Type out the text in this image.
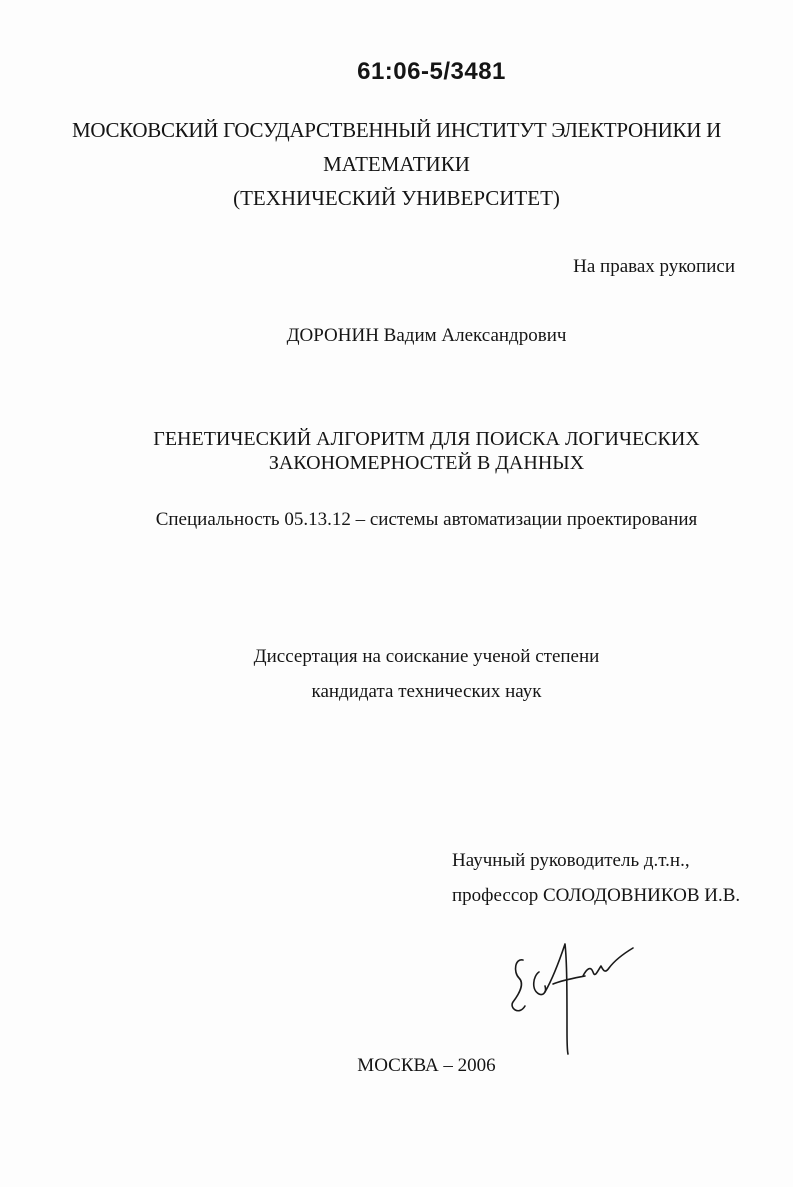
61:06-5/3481
МОСКОВСКИЙ ГОСУДАРСТВЕННЫЙ ИНСТИТУТ ЭЛЕКТРОНИКИ И
МАТЕМАТИКИ
(ТЕХНИЧЕСКИЙ УНИВЕРСИТЕТ)
На правах рукописи
ДОРОНИН Вадим Александрович
ГЕНЕТИЧЕСКИЙ АЛГОРИТМ ДЛЯ ПОИСКА ЛОГИЧЕСКИХ
ЗАКОНОМЕРНОСТЕЙ В ДАННЫХ
Специальность 05.13.12 – системы автоматизации проектирования
Диссертация на соискание ученой степени
кандидата технических наук
Научный руководитель д.т.н.,
профессор СОЛОДОВНИКОВ И.В.
МОСКВА – 2006
